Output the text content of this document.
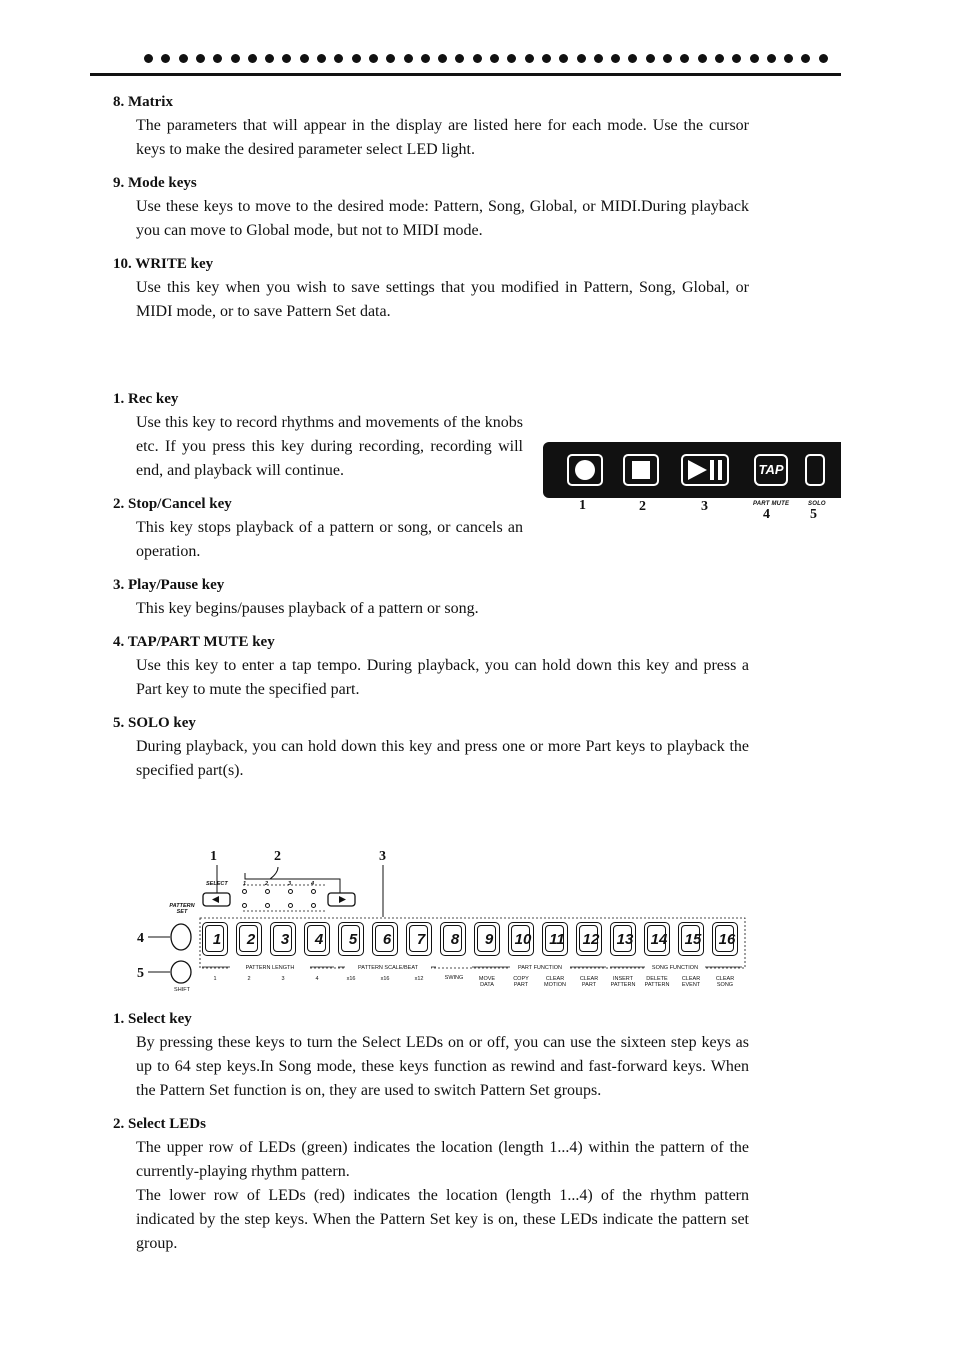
8. Matrix
The parameters that will appear in the display are listed here for each mode. Use the cursor keys to make the desired parameter select LED light.
9. Mode keys
Use these keys to move to the desired mode: Pattern, Song, Global, or MIDI.During playback you can move to Global mode, but not to MIDI mode.
10. WRITE key
Use this key when you wish to save settings that you modified in Pattern, Song, Global, or MIDI mode, or to save Pattern Set data.
1. Rec key
Use this key to record rhythms and movements of the knobs etc. If you press this key during recording, recording will end, and playback will continue.	TAP
1	2	3	PART MUTE	SOLO
4	5
2. Stop/Cancel key
This key stops playback of a pattern or song, or cancels an operation.
3. Play/Pause key
This key begins/pauses playback of a pattern or song.
4. TAP/PART MUTE key
Use this key to enter a tap tempo. During playback, you can hold down this key and press a Part key to mute the specified part.
5. SOLO key
During playback, you can hold down this key and press one or more Part keys to playback the specified part(s).
1	2	3
4
5
SELECT	1	2	3	4
PATTERN SET
SHIFT
1	2	3	4	5	6	7	8	9	10 11 12 13 14 15 16
PATTERN LENGTH	PATTERN SCALE/BEAT
SWING
PART FUNCTION	SONG FUNCTION
1	2	3	4	x16	x16	x12	MOVE DATA
COPY PART
CLEAR MOTION
CLEAR PART
INSERT PATTERN
DELETE PATTERN
CLEAR EVENT
CLEAR SONG
1. Select key
By pressing these keys to turn the Select LEDs on or off, you can use the sixteen step keys as up to 64 step keys.In Song mode, these keys function as rewind and fast-forward keys. When the Pattern Set function is on, they are used to switch Pattern Set groups.
2. Select LEDs
The upper row of LEDs (green) indicates the location (length 1...4) within the pattern of the currently-playing rhythm pattern.
The lower row of LEDs (red) indicates the location (length 1...4) of the rhythm pattern indicated by the step keys. When the Pattern Set key is on, these LEDs indicate the pattern set group.
